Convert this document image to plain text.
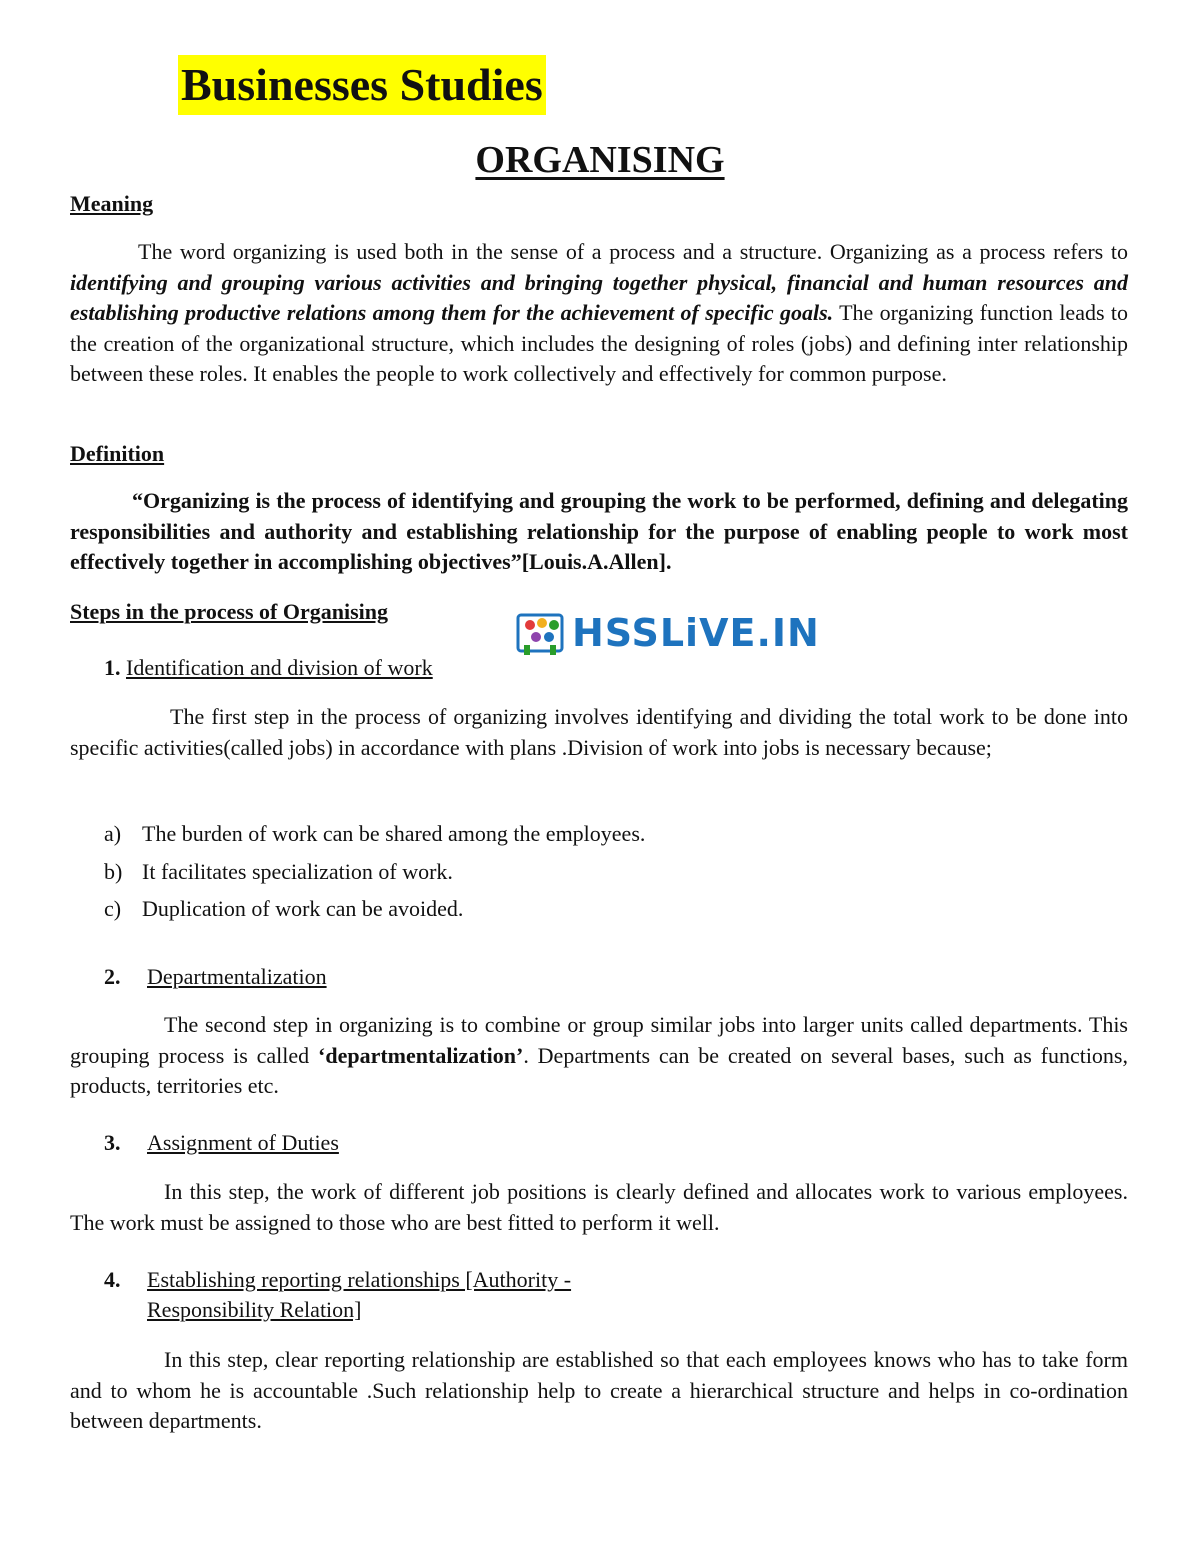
Businesses Studies
ORGANISING
Meaning

The word organizing is used both in the sense of a process and a structure. Organizing as a process refers to identifying and grouping various activities and bringing together physical, financial and human resources and establishing productive relations among them for the achievement of specific goals. The organizing function leads to the creation of the organizational structure, which includes the designing of roles (jobs) and defining inter relationship between these roles. It enables the people to work collectively and effectively for common purpose.

Definition

“Organizing is the process of identifying and grouping the work to be performed, defining and delegating responsibilities and authority and establishing relationship for the purpose of enabling people to work most effectively together in accomplishing objectives”[Louis.A.Allen].

Steps in the process of Organising	HSSLiVE.IN
1. Identification and division of work

The first step in the process of organizing involves identifying and dividing the total work to be done into specific activities(called jobs) in accordance with plans .Division of work into jobs is necessary because;

a) The burden of work can be shared among the employees.
b) It facilitates specialization of work.
c) Duplication of work can be avoided.
2. Departmentalization

The second step in organizing is to combine or group similar jobs into larger units called departments. This grouping process is called ‘departmentalization’. Departments can be created on several bases, such as functions, products, territories etc.

3. Assignment of Duties

In this step, the work of different job positions is clearly defined and allocates work to various employees. The work must be assigned to those who are best fitted to perform it well.

4. Establishing reporting relationships [Authority -
Responsibility Relation]

In this step, clear reporting relationship are established so that each employees knows who has to take form and to whom he is accountable .Such relationship help to create a hierarchical structure and helps in co-ordination between departments.
